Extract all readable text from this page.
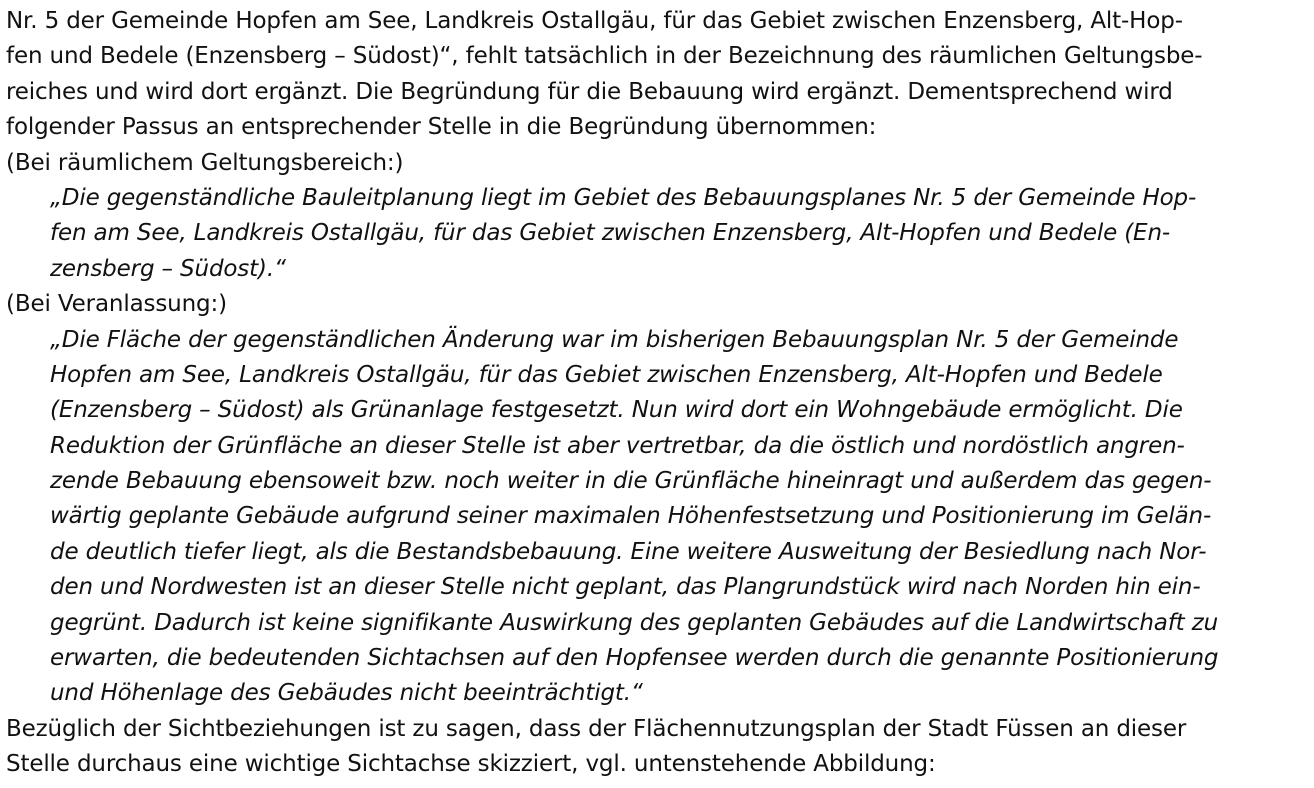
Nr. 5 der Gemeinde Hopfen am See, Landkreis Ostallgäu, für das Gebiet zwischen Enzensberg, Alt-Hop-
fen und Bedele (Enzensberg – Südost)“, fehlt tatsächlich in der Bezeichnung des räumlichen Geltungsbe-
reiches und wird dort ergänzt. Die Begründung für die Bebauung wird ergänzt. Dementsprechend wird
folgender Passus an entsprechender Stelle in die Begründung übernommen:
(Bei räumlichem Geltungsbereich:)
„Die gegenständliche Bauleitplanung liegt im Gebiet des Bebauungsplanes Nr. 5 der Gemeinde Hop-
fen am See, Landkreis Ostallgäu, für das Gebiet zwischen Enzensberg, Alt-Hopfen und Bedele (En-
zensberg – Südost).“
(Bei Veranlassung:)
„Die Fläche der gegenständlichen Änderung war im bisherigen Bebauungsplan Nr. 5 der Gemeinde
Hopfen am See, Landkreis Ostallgäu, für das Gebiet zwischen Enzensberg, Alt-Hopfen und Bedele
(Enzensberg – Südost) als Grünanlage festgesetzt. Nun wird dort ein Wohngebäude ermöglicht. Die
Reduktion der Grünfläche an dieser Stelle ist aber vertretbar, da die östlich und nordöstlich angren-
zende Bebauung ebensoweit bzw. noch weiter in die Grünfläche hineinragt und außerdem das gegen-
wärtig geplante Gebäude aufgrund seiner maximalen Höhenfestsetzung und Positionierung im Gelän-
de deutlich tiefer liegt, als die Bestandsbebauung. Eine weitere Ausweitung der Besiedlung nach Nor-
den und Nordwesten ist an dieser Stelle nicht geplant, das Plangrundstück wird nach Norden hin ein-
gegrünt. Dadurch ist keine signifikante Auswirkung des geplanten Gebäudes auf die Landwirtschaft zu
erwarten, die bedeutenden Sichtachsen auf den Hopfensee werden durch die genannte Positionierung
und Höhenlage des Gebäudes nicht beeinträchtigt.“
Bezüglich der Sichtbeziehungen ist zu sagen, dass der Flächennutzungsplan der Stadt Füssen an dieser
Stelle durchaus eine wichtige Sichtachse skizziert, vgl. untenstehende Abbildung:
